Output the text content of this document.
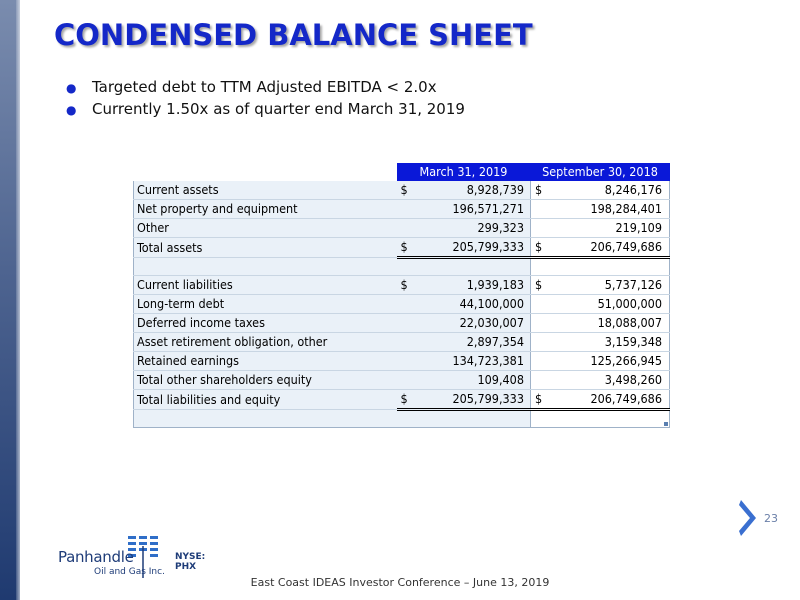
CONDENSED BALANCE SHEET
● Targeted debt to TTM Adjusted EBITDA < 2.0x
● Currently 1.50x as of quarter end March 31, 2019
	March 31, 2019		September 30, 2018	
Current assets	$	8,928,739	$	8,246,176
Net property and equipment		196,571,271		198,284,401
Other		299,323		219,109
Total assets	$	205,799,333	$	206,749,686

Current liabilities	$	1,939,183	$	5,737,126
Long-term debt		44,100,000		51,000,000
Deferred income taxes		22,030,007		18,088,007
Asset retirement obligation, other		2,897,354		3,159,348
Retained earnings		134,723,381		125,266,945
Total other shareholders equity		109,408		3,498,260
Total liabilities and equity	$	205,799,333	$	206,749,686

23
Panhandle
Oil and Gas Inc.
NYSE: PHX
East Coast IDEAS Investor Conference – June 13, 2019
